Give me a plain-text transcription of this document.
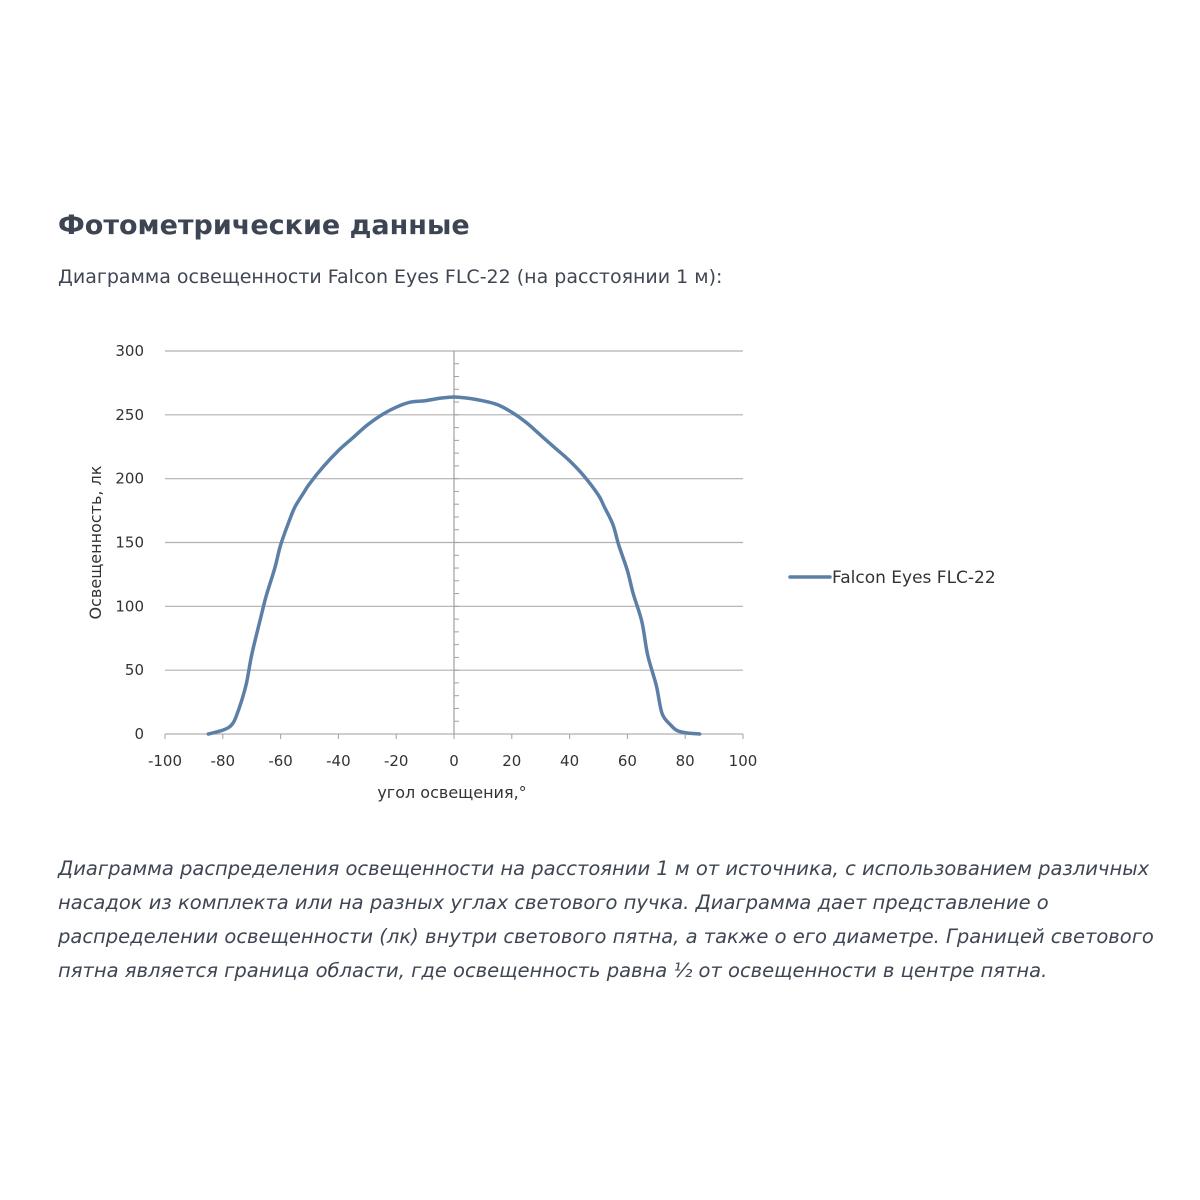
Фотометрические данные
Диаграмма освещенности Falcon Eyes FLC-22 (на расстоянии 1 м):
0
50
100
150
200
250
300
-100 -80 -60 -40 -20	0	20	40	60	80 100
Освещенность, лк
угол освещения,°
Falcon Eyes FLC-22
Диаграмма распределения освещенности на расстоянии 1 м от источника, с использованием различных насадок из комплекта или на разных углах светового пучка. Диаграмма дает представление о распределении освещенности (лк) внутри светового пятна, а также о его диаметре. Границей светового пятна является граница области, где освещенность равна ½ от освещенности в центре пятна.
